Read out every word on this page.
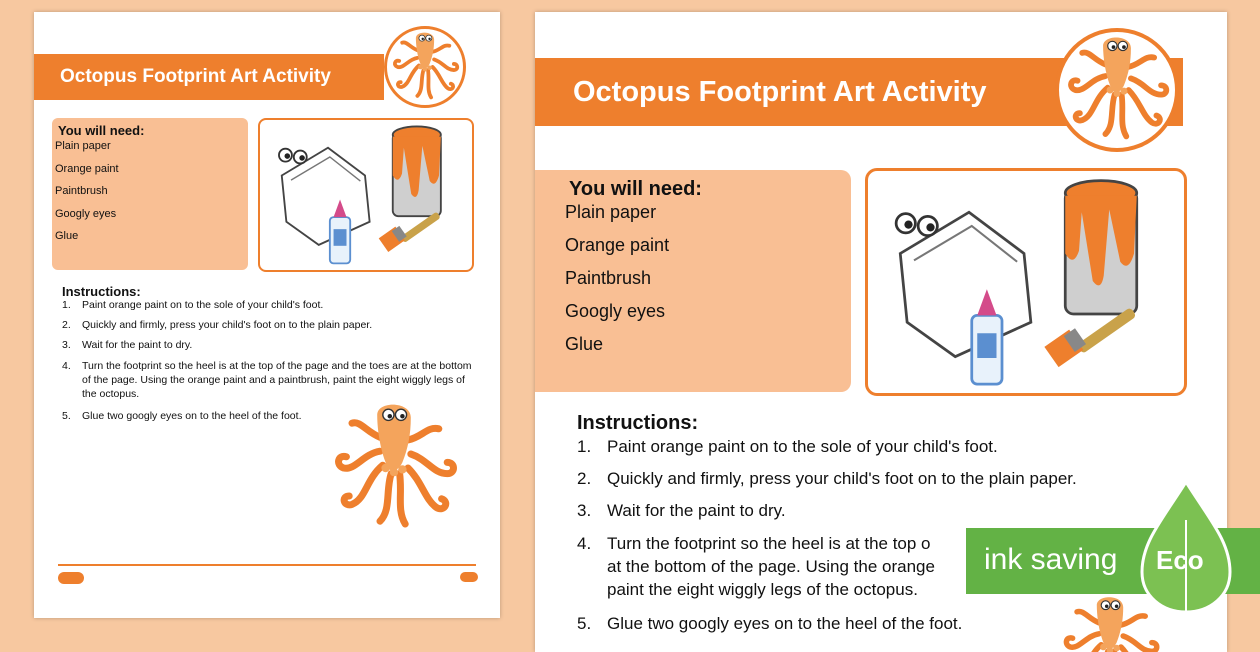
Octopus Footprint Art Activity
You will need:
Plain paper
Orange paint
Paintbrush
Googly eyes
Glue
Instructions:
1.	Paint orange paint on to the sole of your child's foot.
2.	Quickly and firmly, press your child's foot on to the plain paper.
3.	Wait for the paint to dry.
4.	Turn the footprint so the heel is at the top of the page and the toes are at the bottom of the page. Using the orange paint and a paintbrush, paint the eight wiggly legs of the octopus.
5.	Glue two googly eyes on to the heel of the foot.
Octopus Footprint Art Activity
You will need:
Plain paper
Orange paint
Paintbrush
Googly eyes
Glue
Instructions:
1. Paint orange paint on to the sole of your child's foot.
2. Quickly and firmly, press your child's foot on to the plain paper.
3. Wait for the paint to dry.
4. Turn the footprint so the heel is at the top o
at the bottom of the page. Using the orange
paint the eight wiggly legs of the octopus.
5. Glue two googly eyes on to the heel of the foot.
ink saving Eco
